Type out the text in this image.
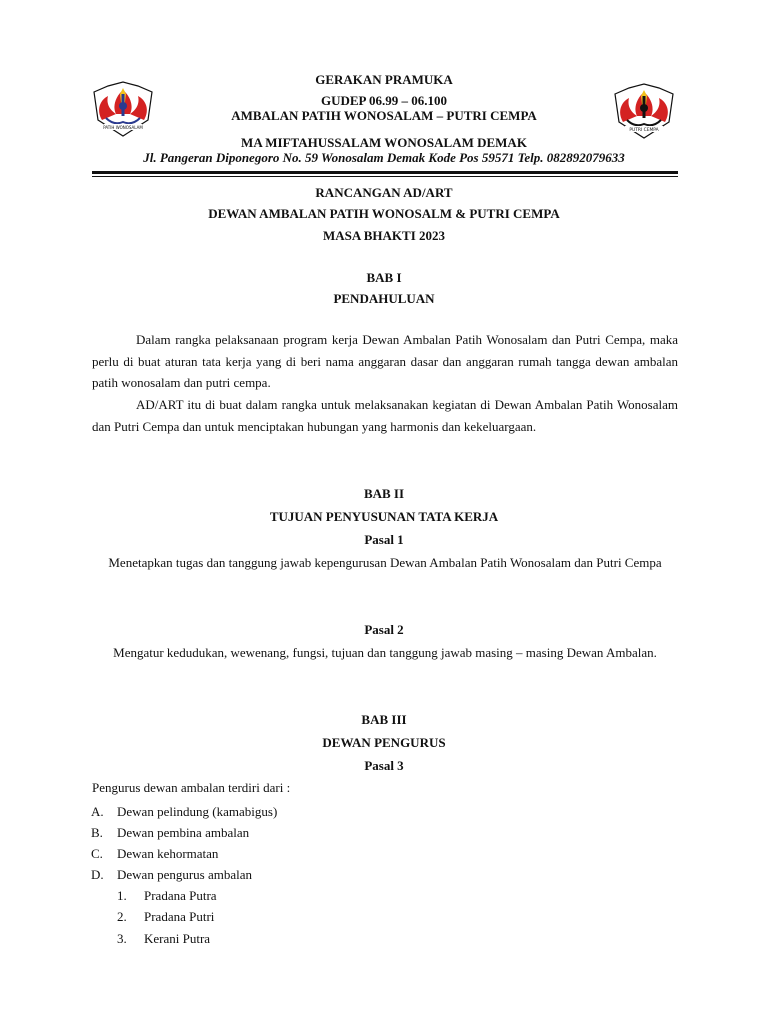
PATIH WONOSALAM
PUTRI CEMPA
GERAKAN PRAMUKA
GUDEP 06.99 – 06.100
AMBALAN PATIH WONOSALAM – PUTRI CEMPA
MA MIFTAHUSSALAM WONOSALAM DEMAK
Jl. Pangeran Diponegoro No. 59 Wonosalam Demak Kode Pos 59571 Telp. 082892079633
RANCANGAN AD/ART
DEWAN AMBALAN PATIH WONOSALM & PUTRI CEMPA
MASA BHAKTI 2023
BAB I
PENDAHULUAN
Dalam rangka pelaksanaan program kerja Dewan Ambalan Patih Wonosalam dan Putri Cempa, maka perlu di buat aturan tata kerja yang di beri nama anggaran dasar dan anggaran rumah tangga dewan ambalan patih wonosalam dan putri cempa.
AD/ART itu di buat dalam rangka untuk melaksanakan kegiatan di Dewan Ambalan Patih Wonosalam dan Putri Cempa dan untuk menciptakan hubungan yang harmonis dan kekeluargaan.
BAB II
TUJUAN PENYUSUNAN TATA KERJA
Pasal 1
Menetapkan tugas dan tanggung jawab kepengurusan Dewan Ambalan Patih Wonosalam dan Putri Cempa
Pasal 2
Mengatur kedudukan, wewenang, fungsi, tujuan dan tanggung jawab masing – masing Dewan Ambalan.
BAB III
DEWAN PENGURUS
Pasal 3
Pengurus dewan ambalan terdiri dari :
A. Dewan pelindung (kamabigus)
B. Dewan pembina ambalan
C. Dewan kehormatan
D. Dewan pengurus ambalan
1. Pradana Putra
2. Pradana Putri
3. Kerani Putra
